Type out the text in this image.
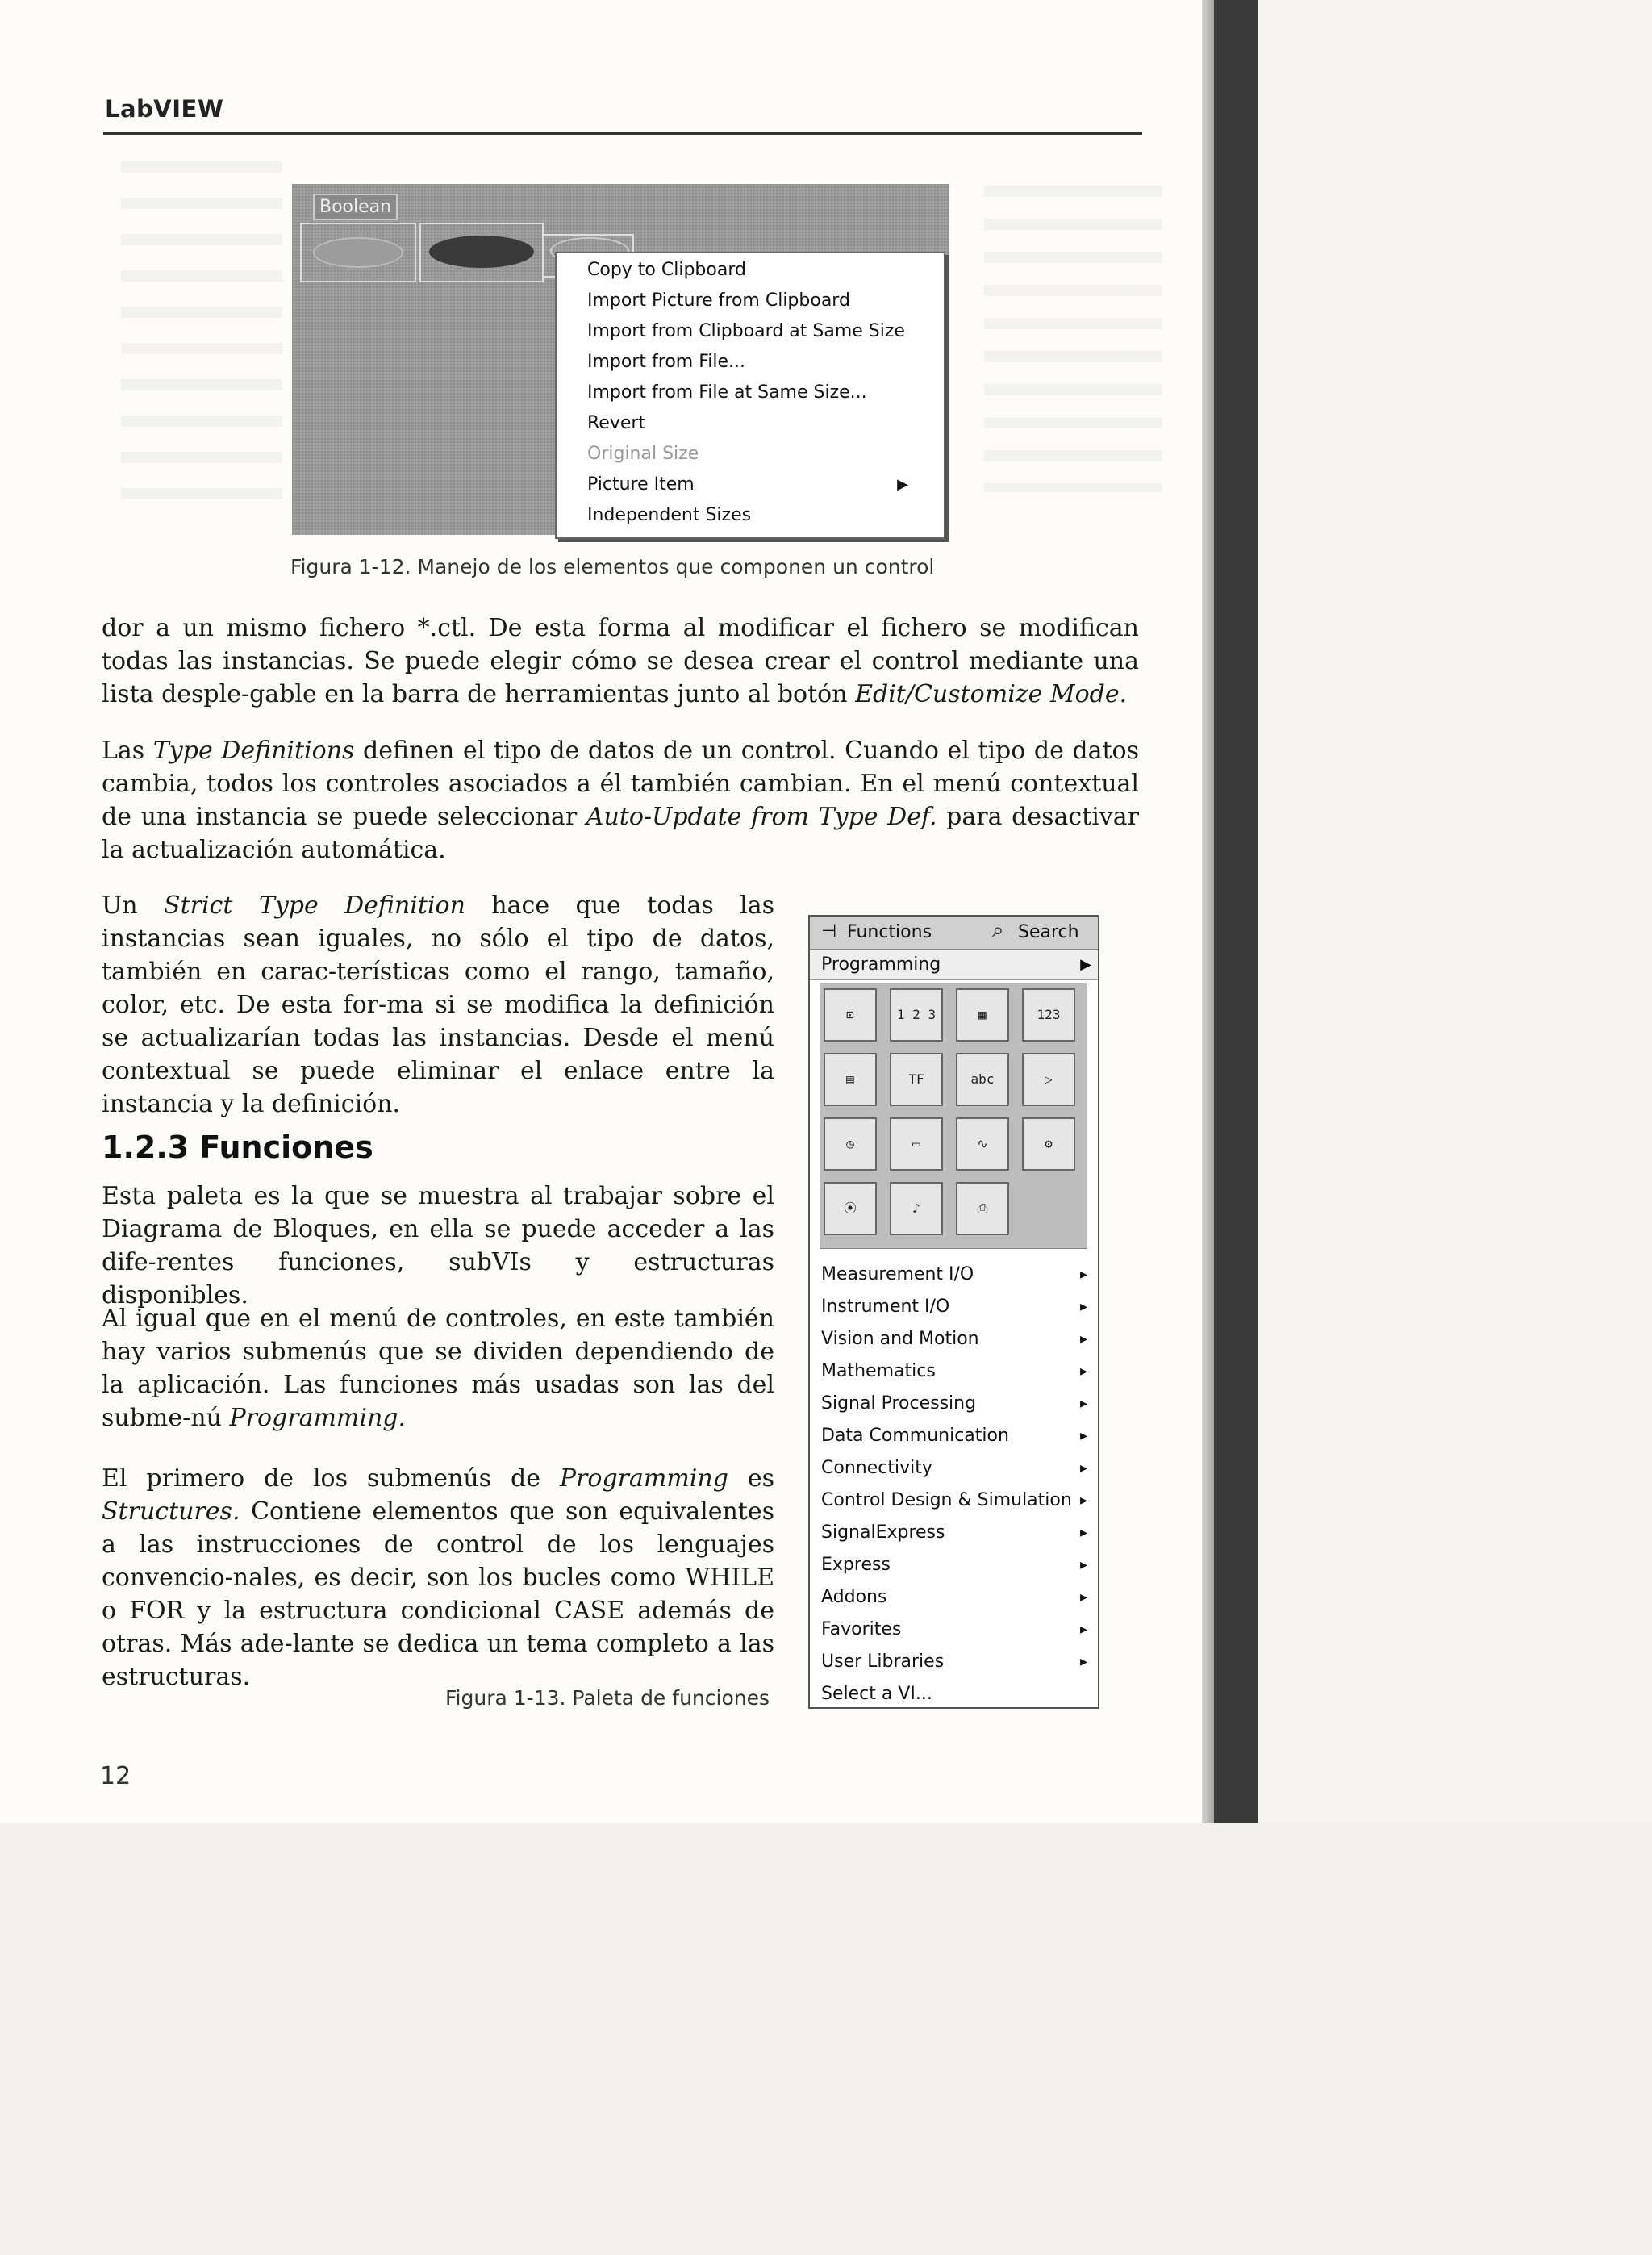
LabVIEW
Boolean
Copy to Clipboard
Import Picture from Clipboard
Import from Clipboard at Same Size
Import from File...
Import from File at Same Size...
Revert
Original Size
Picture Item	▶
Independent Sizes
Figura 1-12. Manejo de los elementos que componen un control
dor a un mismo fichero *.ctl. De esta forma al modificar el fichero se modifican todas las instancias. Se puede elegir cómo se desea crear el control mediante una lista desple-gable en la barra de herramientas junto al botón Edit/Customize Mode.
Las Type Definitions definen el tipo de datos de un control. Cuando el tipo de datos cambia, todos los controles asociados a él también cambian. En el menú contextual de una instancia se puede seleccionar Auto-Update from Type Def. para desactivar la actualización automática.
Un Strict Type Definition hace que todas las instancias sean iguales, no sólo el tipo de datos, también en carac-terísticas como el rango, tamaño, color, etc. De esta for-ma si se modifica la definición se actualizarían todas las instancias. Desde el menú contextual se puede eliminar el enlace entre la instancia y la definición.
1.2.3 Funciones
Esta paleta es la que se muestra al trabajar sobre el Diagrama de Bloques, en ella se puede acceder a las dife-rentes funciones, subVIs y estructuras disponibles.
Al igual que en el menú de controles, en este también hay varios submenús que se dividen dependiendo de la aplicación. Las funciones más usadas son las del subme-nú Programming.
El primero de los submenús de Programming es Structures. Contiene elementos que son equivalentes a las instrucciones de control de los lenguajes convencio-nales, es decir, son los bucles como WHILE o FOR y la estructura condicional CASE además de otras. Más ade-lante se dedica un tema completo a las estructuras.
⊣ Functions	⌕ Search
Programming	▶
⊡	1 2 3	▦	123
▤	TF	abc	▷
◷	▭	∿	⚙
⦿	♪	⎙
Measurement I/O	▸
Instrument I/O	▸
Vision and Motion	▸
Mathematics	▸
Signal Processing	▸
Data Communication	▸
Connectivity	▸
Control Design & Simulation ▸
SignalExpress	▸
Express	▸
Addons	▸
Favorites	▸
User Libraries	▸
Select a VI...
Figura 1-13. Paleta de funciones
12
